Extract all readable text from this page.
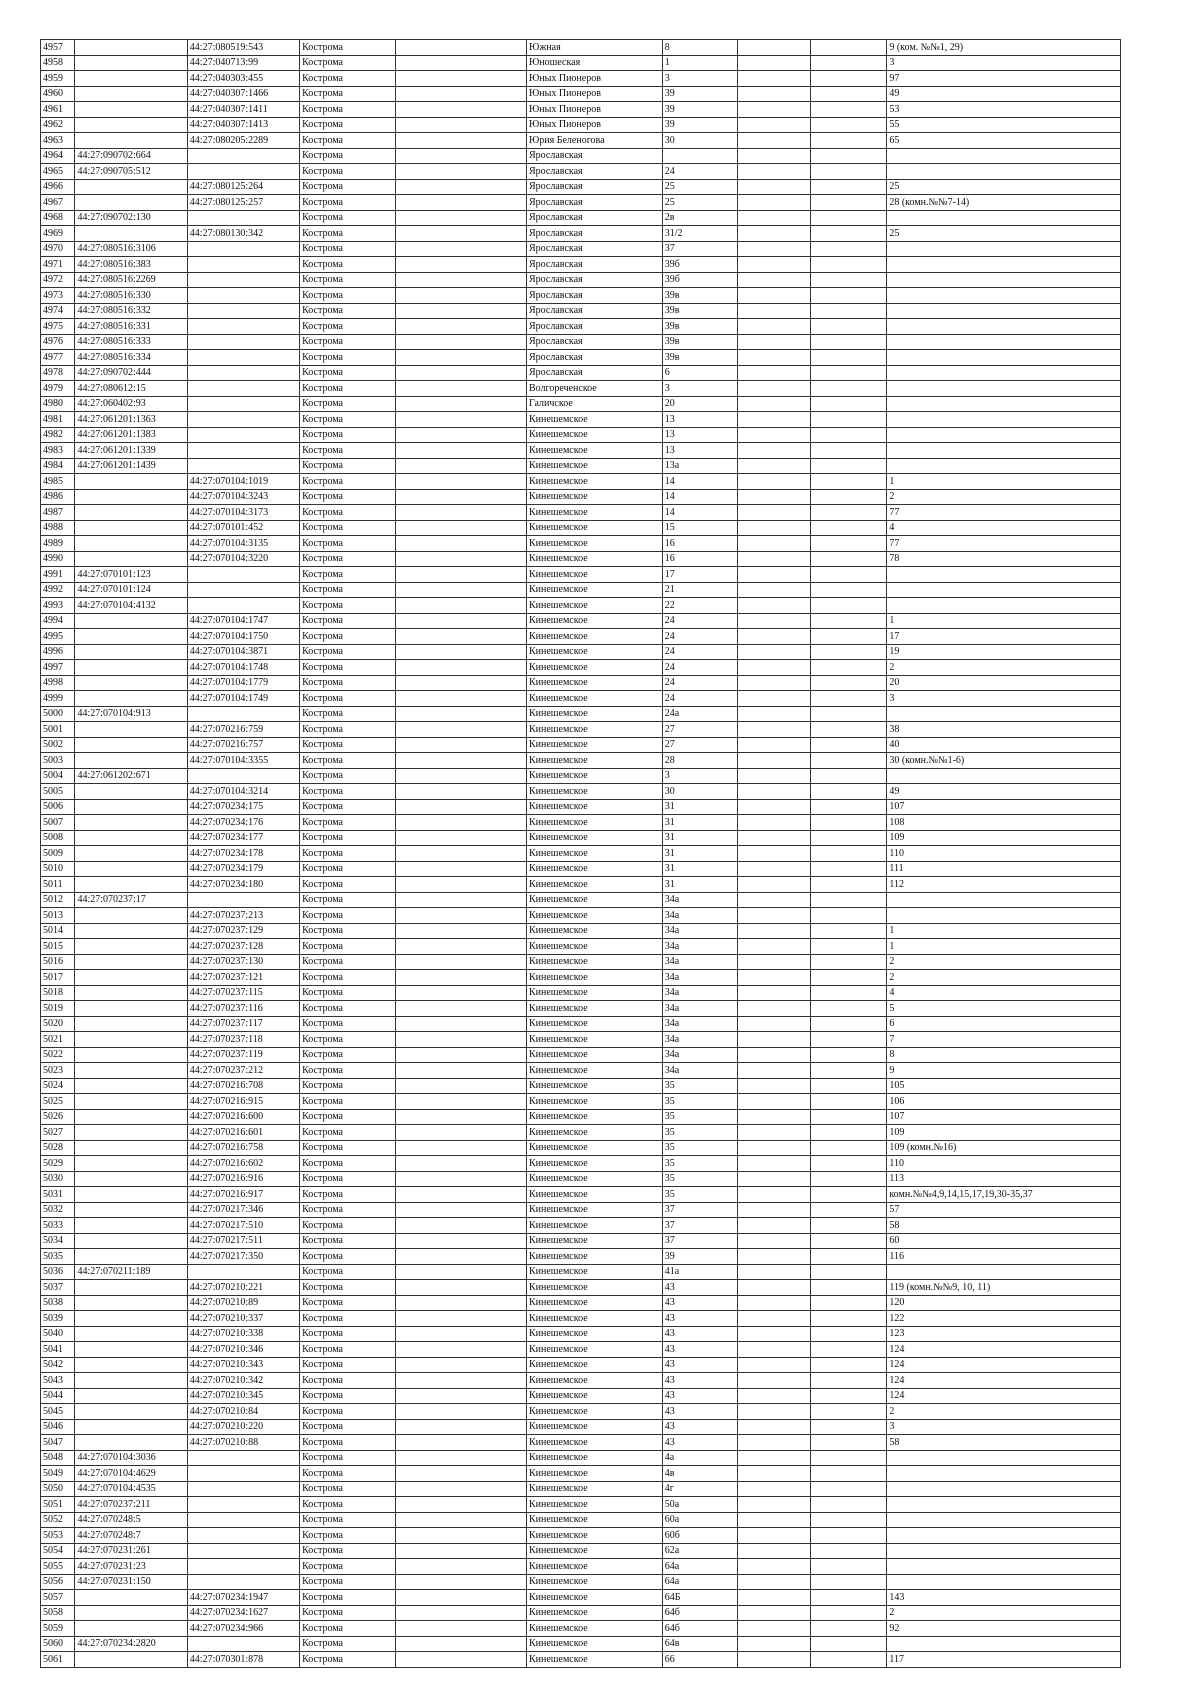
4957		44:27:080519:543	Кострома		Южная	8			9 (ком. №№1, 29)
4958		44:27:040713:99	Кострома		Юношеская	1			3
4959		44:27:040303:455	Кострома		Юных Пионеров	3			97
4960		44:27:040307:1466	Кострома		Юных Пионеров	39			49
4961		44:27:040307:1411	Кострома		Юных Пионеров	39			53
4962		44:27:040307:1413	Кострома		Юных Пионеров	39			55
4963		44:27:080205:2289	Кострома		Юрия Беленогова	30			65
4964	44:27:090702:664		Кострома		Ярославская				
4965	44:27:090705:512		Кострома		Ярославская	24			
4966		44:27:080125:264	Кострома		Ярославская	25			25
4967		44:27:080125:257	Кострома		Ярославская	25			28 (комн.№№7-14)
4968	44:27:090702:130		Кострома		Ярославская	2в			
4969		44:27:080130:342	Кострома		Ярославская	31/2			25
4970	44:27:080516:3106		Кострома		Ярославская	37			
4971	44:27:080516:383		Кострома		Ярославская	39б			
4972	44:27:080516:2269		Кострома		Ярославская	39б			
4973	44:27:080516:330		Кострома		Ярославская	39в			
4974	44:27:080516:332		Кострома		Ярославская	39в			
4975	44:27:080516:331		Кострома		Ярославская	39в			
4976	44:27:080516:333		Кострома		Ярославская	39в			
4977	44:27:080516:334		Кострома		Ярославская	39в			
4978	44:27:090702:444		Кострома		Ярославская	6			
4979	44:27:080612:15		Кострома		Волгореченское	3			
4980	44:27:060402:93		Кострома		Галичское	20			
4981	44:27:061201:1363		Кострома		Кинешемское	13			
4982	44:27:061201:1383		Кострома		Кинешемское	13			
4983	44:27:061201:1339		Кострома		Кинешемское	13			
4984	44:27:061201:1439		Кострома		Кинешемское	13а			
4985		44:27:070104:1019	Кострома		Кинешемское	14			1
4986		44:27:070104:3243	Кострома		Кинешемское	14			2
4987		44:27:070104:3173	Кострома		Кинешемское	14			77
4988		44:27:070101:452	Кострома		Кинешемское	15			4
4989		44:27:070104:3135	Кострома		Кинешемское	16			77
4990		44:27:070104:3220	Кострома		Кинешемское	16			78
4991	44:27:070101:123		Кострома		Кинешемское	17			
4992	44:27:070101:124		Кострома		Кинешемское	21			
4993	44:27:070104:4132		Кострома		Кинешемское	22			
4994		44:27:070104:1747	Кострома		Кинешемское	24			1
4995		44:27:070104:1750	Кострома		Кинешемское	24			17
4996		44:27:070104:3871	Кострома		Кинешемское	24			19
4997		44:27:070104:1748	Кострома		Кинешемское	24			2
4998		44:27:070104:1779	Кострома		Кинешемское	24			20
4999		44:27:070104:1749	Кострома		Кинешемское	24			3
5000	44:27:070104:913		Кострома		Кинешемское	24а			
5001		44:27:070216:759	Кострома		Кинешемское	27			38
5002		44:27:070216:757	Кострома		Кинешемское	27			40
5003		44:27:070104:3355	Кострома		Кинешемское	28			30 (комн.№№1-6)
5004	44:27:061202:671		Кострома		Кинешемское	3			
5005		44:27:070104:3214	Кострома		Кинешемское	30			49
5006		44:27:070234:175	Кострома		Кинешемское	31			107
5007		44:27:070234:176	Кострома		Кинешемское	31			108
5008		44:27:070234:177	Кострома		Кинешемское	31			109
5009		44:27:070234:178	Кострома		Кинешемское	31			110
5010		44:27:070234:179	Кострома		Кинешемское	31			111
5011		44:27:070234:180	Кострома		Кинешемское	31			112
5012	44:27:070237:17		Кострома		Кинешемское	34а			
5013		44:27:070237:213	Кострома		Кинешемское	34а			
5014		44:27:070237:129	Кострома		Кинешемское	34а			1
5015		44:27:070237:128	Кострома		Кинешемское	34а			1
5016		44:27:070237:130	Кострома		Кинешемское	34а			2
5017		44:27:070237:121	Кострома		Кинешемское	34а			2
5018		44:27:070237:115	Кострома		Кинешемское	34а			4
5019		44:27:070237:116	Кострома		Кинешемское	34а			5
5020		44:27:070237:117	Кострома		Кинешемское	34а			6
5021		44:27:070237:118	Кострома		Кинешемское	34а			7
5022		44:27:070237:119	Кострома		Кинешемское	34а			8
5023		44:27:070237:212	Кострома		Кинешемское	34а			9
5024		44:27:070216:708	Кострома		Кинешемское	35			105
5025		44:27:070216:915	Кострома		Кинешемское	35			106
5026		44:27:070216:600	Кострома		Кинешемское	35			107
5027		44:27:070216:601	Кострома		Кинешемское	35			109
5028		44:27:070216:758	Кострома		Кинешемское	35			109 (комн.№16)
5029		44:27:070216:602	Кострома		Кинешемское	35			110
5030		44:27:070216:916	Кострома		Кинешемское	35			113
5031		44:27:070216:917	Кострома		Кинешемское	35			комн.№№4,9,14,15,17,19,30-35,37
5032		44:27:070217:346	Кострома		Кинешемское	37			57
5033		44:27:070217:510	Кострома		Кинешемское	37			58
5034		44:27:070217:511	Кострома		Кинешемское	37			60
5035		44:27:070217:350	Кострома		Кинешемское	39			116
5036	44:27:070211:189		Кострома		Кинешемское	41а			
5037		44:27:070210:221	Кострома		Кинешемское	43			119 (комн.№№9, 10, 11)
5038		44:27:070210:89	Кострома		Кинешемское	43			120
5039		44:27:070210:337	Кострома		Кинешемское	43			122
5040		44:27:070210:338	Кострома		Кинешемское	43			123
5041		44:27:070210:346	Кострома		Кинешемское	43			124
5042		44:27:070210:343	Кострома		Кинешемское	43			124
5043		44:27:070210:342	Кострома		Кинешемское	43			124
5044		44:27:070210:345	Кострома		Кинешемское	43			124
5045		44:27:070210:84	Кострома		Кинешемское	43			2
5046		44:27:070210:220	Кострома		Кинешемское	43			3
5047		44:27:070210:88	Кострома		Кинешемское	43			58
5048	44:27:070104:3036		Кострома		Кинешемское	4а			
5049	44:27:070104:4629		Кострома		Кинешемское	4в			
5050	44:27:070104:4535		Кострома		Кинешемское	4г			
5051	44:27:070237:211		Кострома		Кинешемское	50а			
5052	44:27:070248:5		Кострома		Кинешемское	60а			
5053	44:27:070248:7		Кострома		Кинешемское	60б			
5054	44:27:070231:261		Кострома		Кинешемское	62а			
5055	44:27:070231:23		Кострома		Кинешемское	64а			
5056	44:27:070231:150		Кострома		Кинешемское	64а			
5057		44:27:070234:1947	Кострома		Кинешемское	64Б			143
5058		44:27:070234:1627	Кострома		Кинешемское	64б			2
5059		44:27:070234:966	Кострома		Кинешемское	64б			92
5060	44:27:070234:2820		Кострома		Кинешемское	64в			
5061		44:27:070301:878	Кострома		Кинешемское	66			117
